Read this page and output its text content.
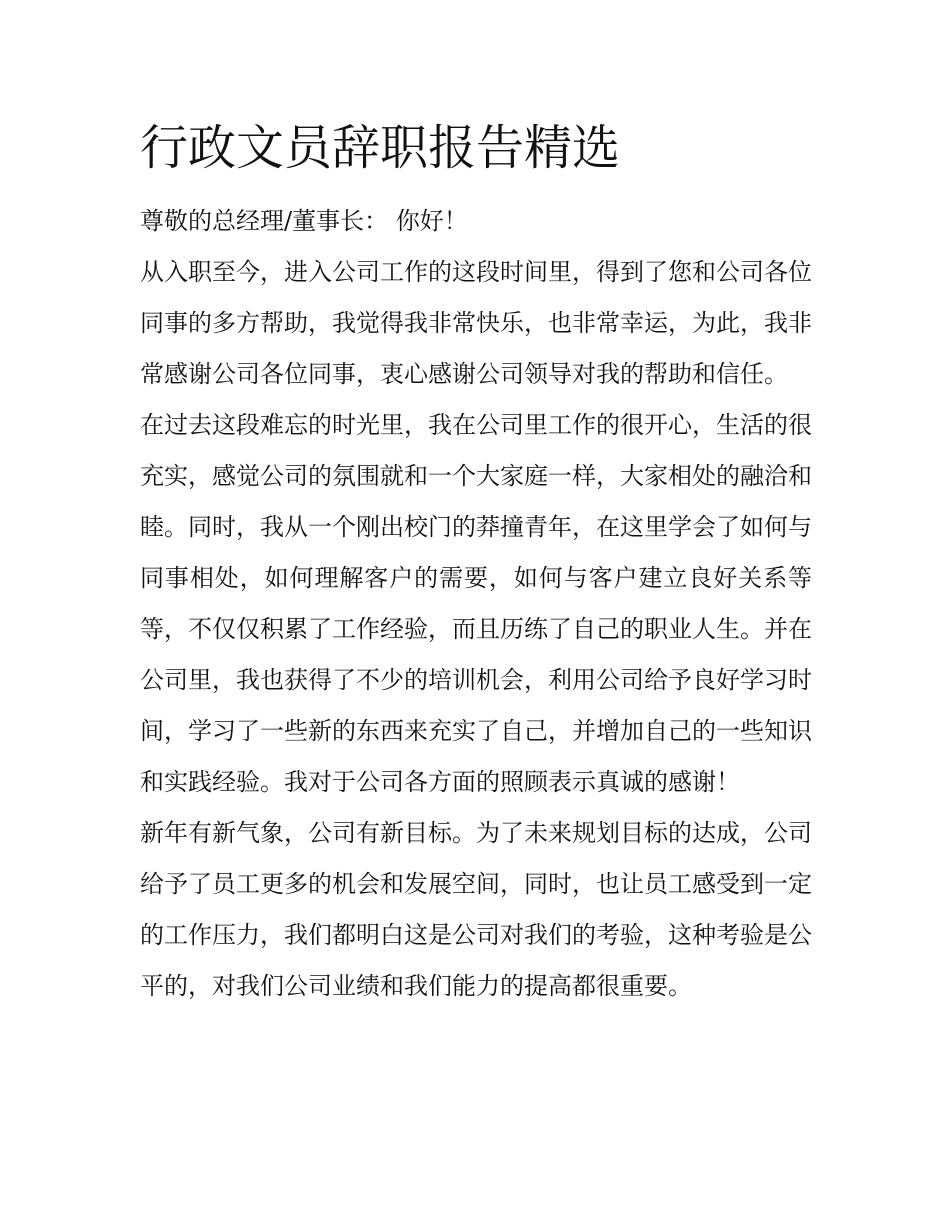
行政文员辞职报告精选

尊敬的总经理/董事长： 你好！

从入职至今，进入公司工作的这段时间里，得到了您和公司各位同事的多方帮助，我觉得我非常快乐，也非常幸运，为此，我非常感谢公司各位同事，衷心感谢公司领导对我的帮助和信任。

在过去这段难忘的时光里，我在公司里工作的很开心，生活的很充实，感觉公司的氛围就和一个大家庭一样，大家相处的融洽和睦。同时，我从一个刚出校门的莽撞青年，在这里学会了如何与同事相处，如何理解客户的需要，如何与客户建立良好关系等等，不仅仅积累了工作经验，而且历练了自己的职业人生。并在公司里，我也获得了不少的培训机会，利用公司给予良好学习时间，学习了一些新的东西来充实了自己，并增加自己的一些知识和实践经验。我对于公司各方面的照顾表示真诚的感谢！

新年有新气象，公司有新目标。为了未来规划目标的达成，公司给予了员工更多的机会和发展空间，同时，也让员工感受到一定的工作压力，我们都明白这是公司对我们的考验，这种考验是公平的，对我们公司业绩和我们能力的提高都很重要。
